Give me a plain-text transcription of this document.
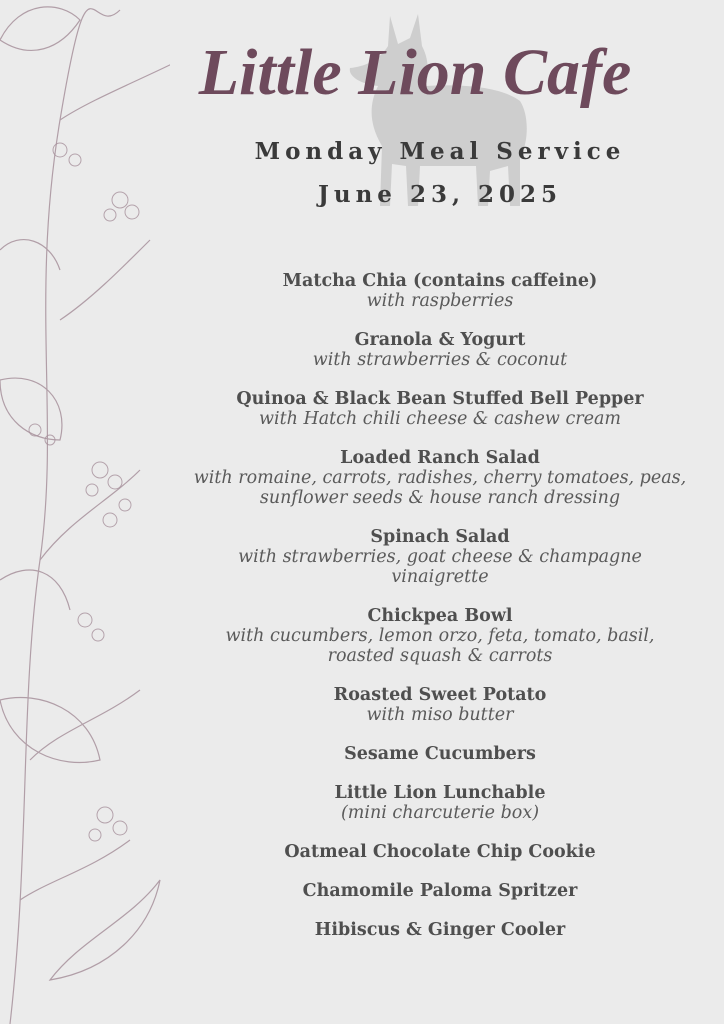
Little Lion Cafe
Monday Meal Service
June 23, 2025
Matcha Chia (contains caffeine)
with raspberries
Granola & Yogurt
with strawberries & coconut
Quinoa & Black Bean Stuffed Bell Pepper
with Hatch chili cheese & cashew cream
Loaded Ranch Salad
with romaine, carrots, radishes, cherry tomatoes, peas, sunflower seeds & house ranch dressing
Spinach Salad
with strawberries, goat cheese & champagne vinaigrette
Chickpea Bowl
with cucumbers, lemon orzo, feta, tomato, basil, roasted squash & carrots
Roasted Sweet Potato
with miso butter
Sesame Cucumbers
Little Lion Lunchable
(mini charcuterie box)
Oatmeal Chocolate Chip Cookie
Chamomile Paloma Spritzer
Hibiscus & Ginger Cooler
